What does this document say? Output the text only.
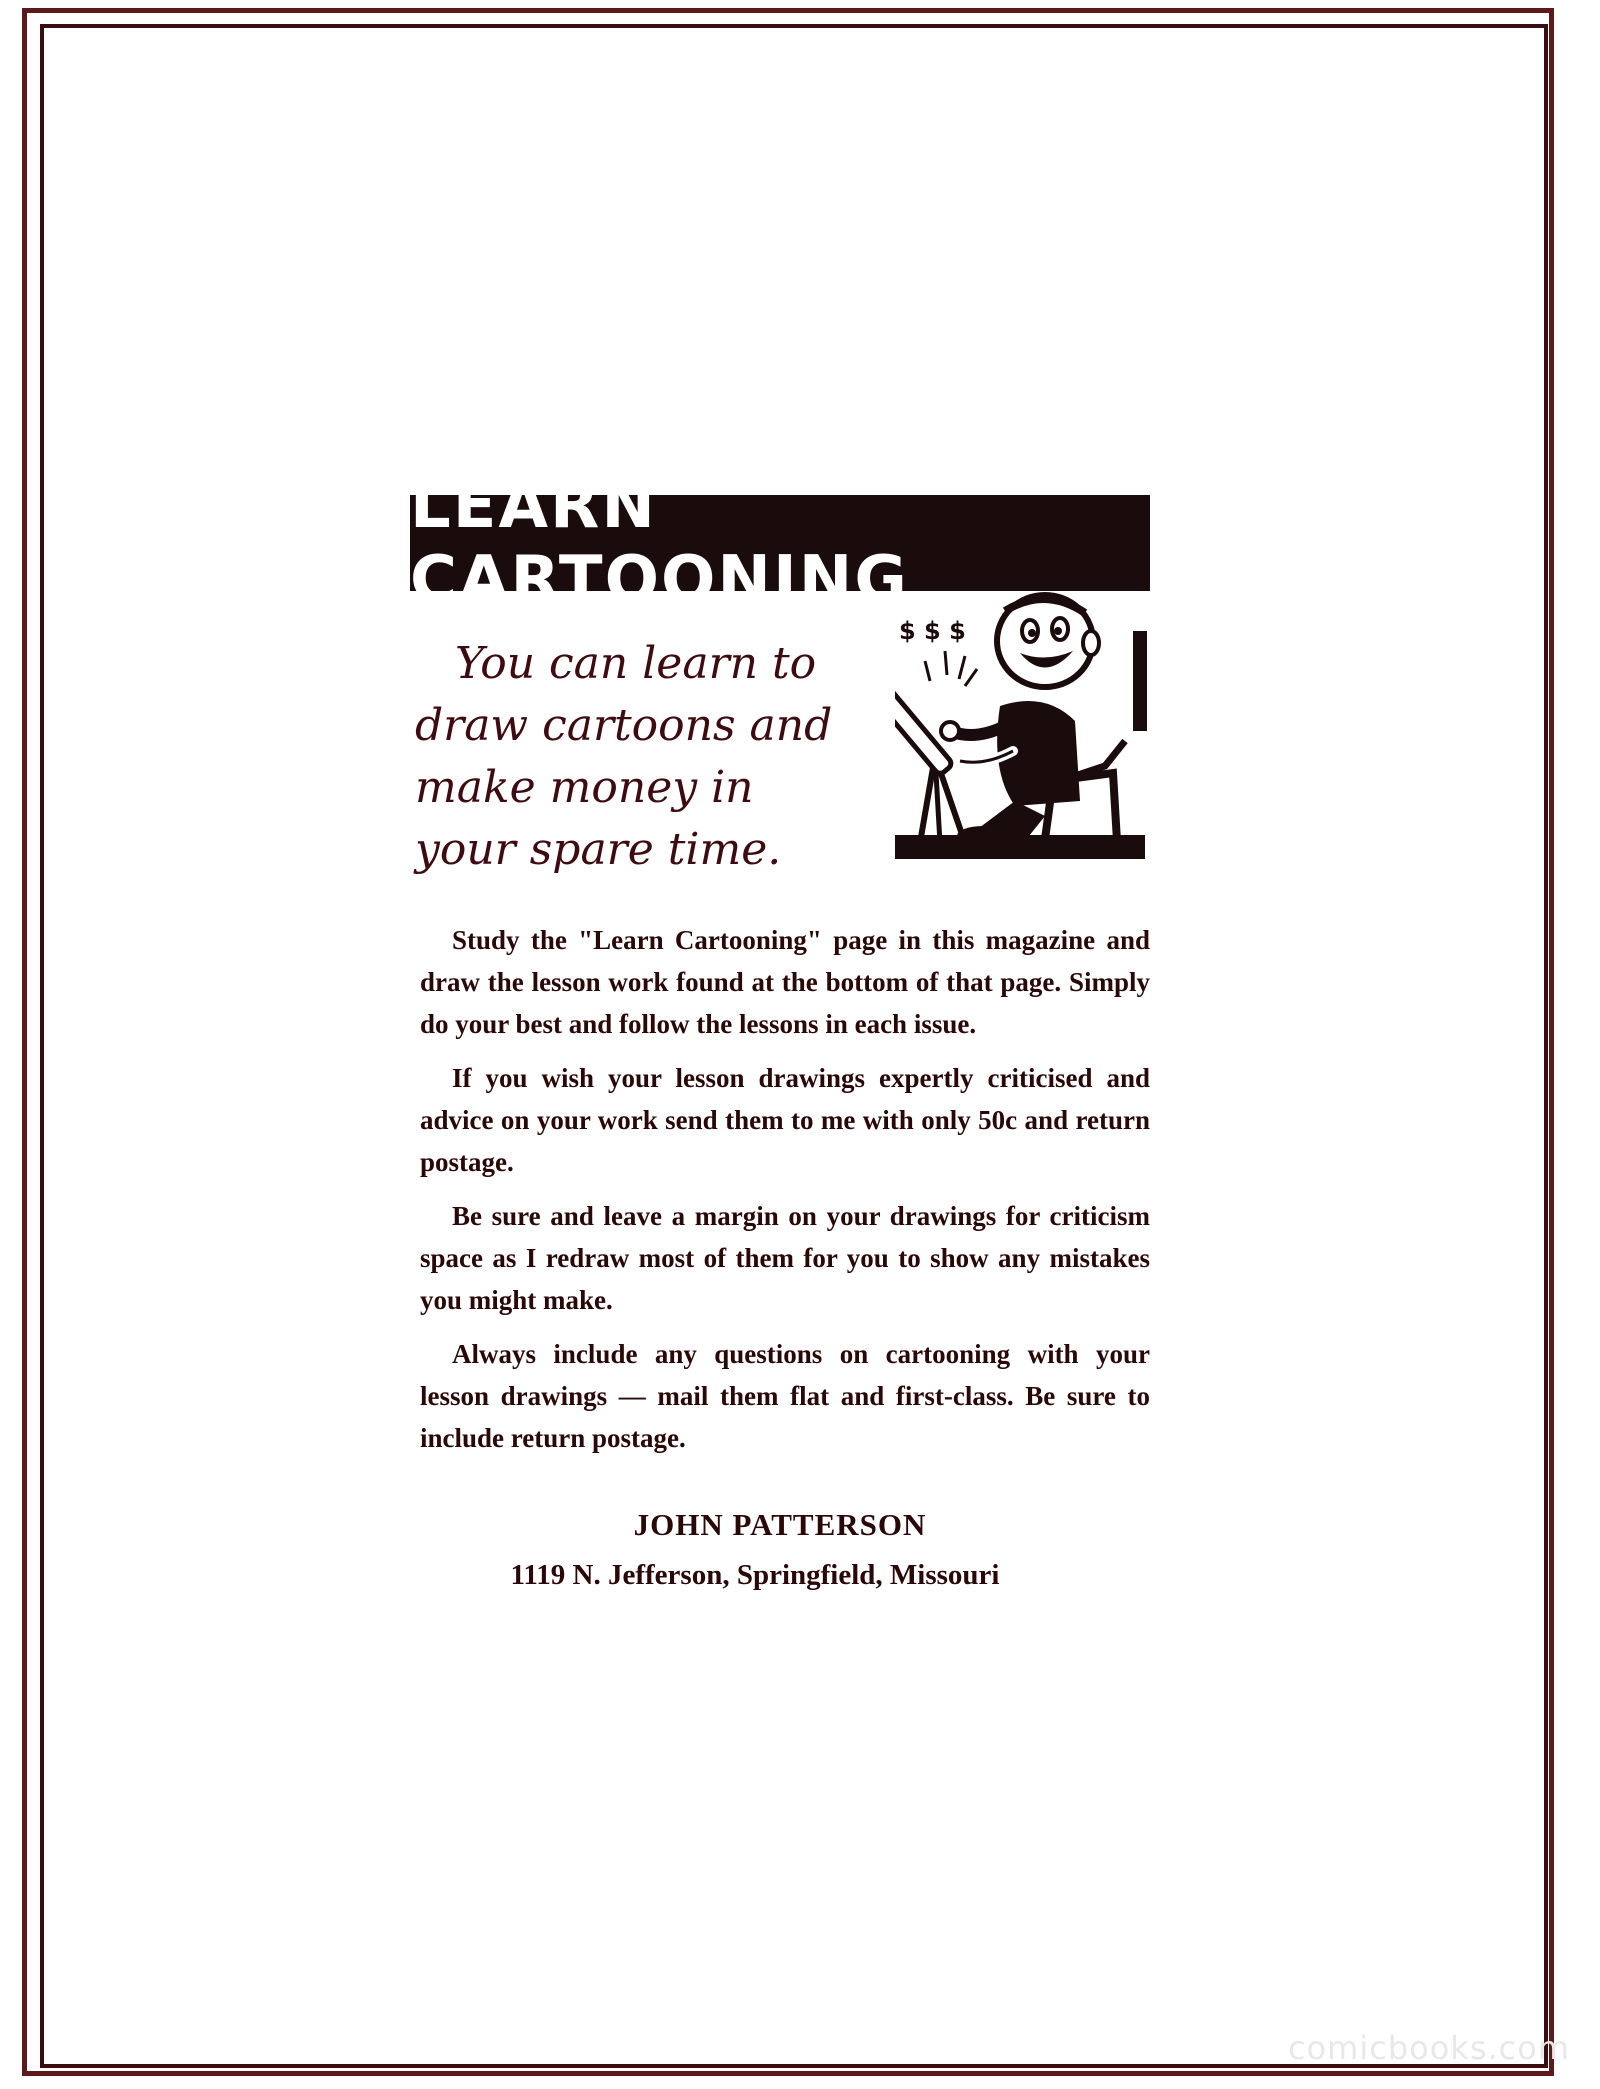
LEARN CARTOONING
You can learn to
draw cartoons and
make money in
your spare time.
$ $ $

Study the "Learn Cartooning" page in this magazine and draw the lesson work found at the bottom of that page. Simply do your best and follow the lessons in each issue.

If you wish your lesson drawings expertly criticised and advice on your work send them to me with only 50c and return postage.

Be sure and leave a margin on your drawings for criticism space as I redraw most of them for you to show any mistakes you might make.

Always include any questions on cartooning with your lesson drawings — mail them flat and first-class. Be sure to include return postage.

JOHN PATTERSON
1119 N. Jefferson, Springfield, Missouri
comicbooks.com
